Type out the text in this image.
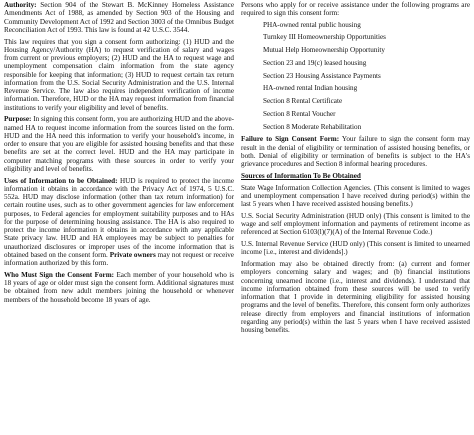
Authority: Section 904 of the Stewart B. McKinney Homeless Assistance Amendments Act of 1988, as amended by Section 903 of the Housing and Community Development Act of 1992 and Section 3003 of the Omnibus Budget Reconciliation Act of 1993. This law is found at 42 U.S.C. 3544.

This law requires that you sign a consent form authorizing: (1) HUD and the Housing Agency/Authority (HA) to request verification of salary and wages from current or previous employers; (2) HUD and the HA to request wage and unemployment compensation claim information from the state agency responsible for keeping that information; (3) HUD to request certain tax return information from the U.S. Social Security Administration and the U.S. Internal Revenue Service. The law also requires independent verification of income information. Therefore, HUD or the HA may request information from financial institutions to verify your eligibility and level of benefits.

Purpose: In signing this consent form, you are authorizing HUD and the above-named HA to request income information from the sources listed on the form. HUD and the HA need this information to verify your household's income, in order to ensure that you are eligible for assisted housing benefits and that these benefits are set at the correct level. HUD and the HA may participate in computer matching programs with these sources in order to verify your eligibility and level of benefits.

Uses of Information to be Obtained: HUD is required to protect the income information it obtains in accordance with the Privacy Act of 1974, 5 U.S.C. 552a. HUD may disclose information (other than tax return information) for certain routine uses, such as to other government agencies for law enforcement purposes, to Federal agencies for employment suitability purposes and to HAs for the purpose of determining housing assistance. The HA is also required to protect the income information it obtains in accordance with any applicable State privacy law. HUD and HA employees may be subject to penalties for unauthorized disclosures or improper uses of the income information that is obtained based on the consent form. Private owners may not request or receive information authorized by this form.

Who Must Sign the Consent Form: Each member of your household who is 18 years of age or older must sign the consent form. Additional signatures must be obtained from new adult members joining the household or whenever members of the household become 18 years of age.

Persons who apply for or receive assistance under the following programs are required to sign this consent form:

PHA-owned rental public housing
Turnkey III Homeownership Opportunities
Mutual Help Homeownership Opportunity
Section 23 and 19(c) leased housing
Section 23 Housing Assistance Payments
HA-owned rental Indian housing
Section 8 Rental Certificate
Section 8 Rental Voucher
Section 8 Moderate Rehabilitation

Failure to Sign Consent Form: Your failure to sign the consent form may result in the denial of eligibility or termination of assisted housing benefits, or both. Denial of eligibility or termination of benefits is subject to the HA's grievance procedures and Section 8 informal hearing procedures.

Sources of Information To Be Obtained

State Wage Information Collection Agencies. (This consent is limited to wages and unemployment compensation I have received during period(s) within the last 5 years when I have received assisted housing benefits.)

U.S. Social Security Administration (HUD only) (This consent is limited to the wage and self employment information and payments of retirement income as referenced at Section 6103(l)(7)(A) of the Internal Revenue Code.)

U.S. Internal Revenue Service (HUD only) (This consent is limited to unearned income [i.e., interest and dividends].)

Information may also be obtained directly from: (a) current and former employers concerning salary and wages; and (b) financial institutions concerning unearned income (i.e., interest and dividends). I understand that income information obtained from these sources will be used to verify information that I provide in determining eligibility for assisted housing programs and the level of benefits. Therefore, this consent form only authorizes release directly from employers and financial institutions of information regarding any period(s) within the last 5 years when I have received assisted housing benefits.
